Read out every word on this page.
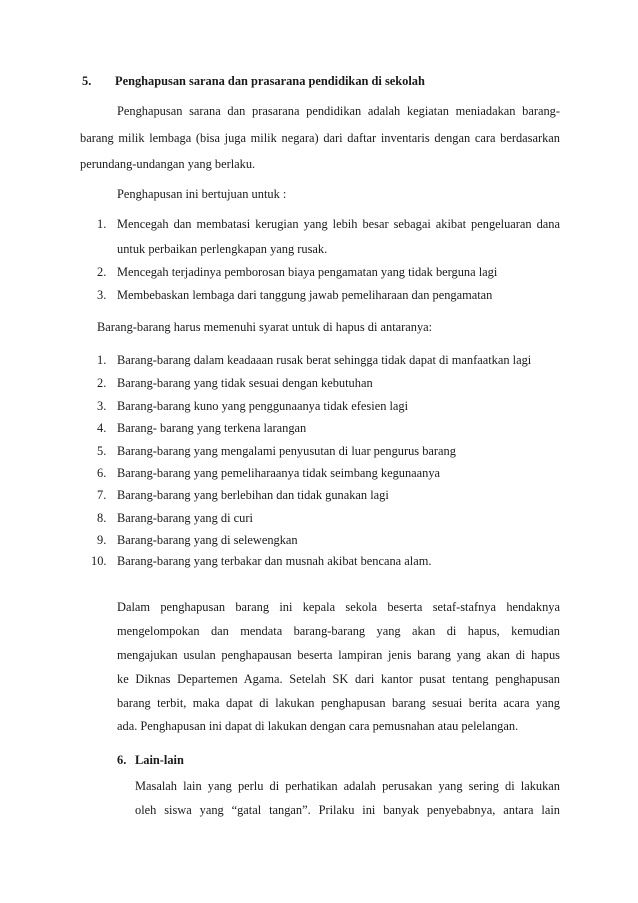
5. Penghapusan sarana dan prasarana pendidikan di sekolah
Penghapusan sarana dan prasarana pendidikan adalah kegiatan meniadakan barang-
barang milik lembaga (bisa juga milik negara) dari daftar inventaris dengan cara berdasarkan
perundang-undangan yang berlaku.
Penghapusan ini bertujuan untuk :
1. Mencegah dan membatasi kerugian yang lebih besar sebagai akibat pengeluaran dana
untuk perbaikan perlengkapan yang rusak.
2. Mencegah terjadinya pemborosan biaya pengamatan yang tidak berguna lagi
3. Membebaskan lembaga dari tanggung jawab pemeliharaan dan pengamatan
Barang-barang harus memenuhi syarat untuk di hapus di antaranya:
1. Barang-barang dalam keadaaan rusak berat sehingga tidak dapat di manfaatkan lagi
2. Barang-barang yang tidak sesuai dengan kebutuhan
3. Barang-barang kuno yang penggunaanya tidak efesien lagi
4. Barang- barang yang terkena larangan
5. Barang-barang yang mengalami penyusutan di luar pengurus barang
6. Barang-barang yang pemeliharaanya tidak seimbang kegunaanya
7. Barang-barang yang berlebihan dan tidak gunakan lagi
8. Barang-barang yang di curi
9. Barang-barang yang di selewengkan
10. Barang-barang yang terbakar dan musnah akibat bencana alam.
Dalam penghapusan barang ini kepala sekola beserta setaf-stafnya hendaknya
mengelompokan dan mendata barang-barang yang akan di hapus, kemudian
mengajukan usulan penghapausan beserta lampiran jenis barang yang akan di hapus
ke Diknas Departemen Agama. Setelah SK dari kantor pusat tentang penghapusan
barang terbit, maka dapat di lakukan penghapusan barang sesuai berita acara yang
ada. Penghapusan ini dapat di lakukan dengan cara pemusnahan atau pelelangan.
6. Lain-lain
Masalah lain yang perlu di perhatikan adalah perusakan yang sering di lakukan
oleh siswa yang “gatal tangan”. Prilaku ini banyak penyebabnya, antara lain
